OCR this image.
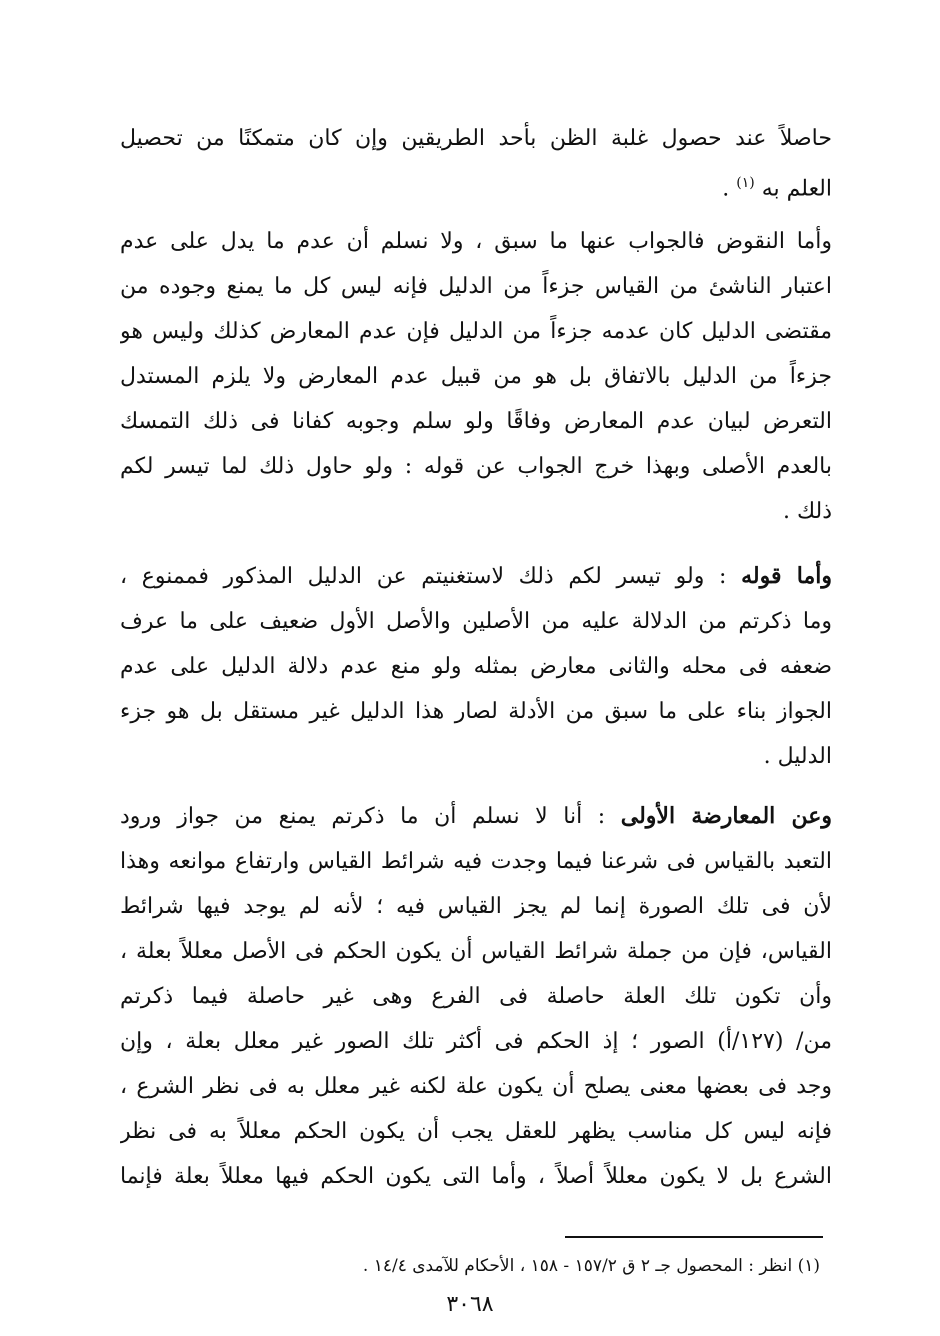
حاصلاً عند حصول غلبة الظن بأحد الطريقين وإن كان متمكنًا من تحصيل
العلم به $^{(١)}$ .
وأما النقوض فالجواب عنها ما سبق ، ولا نسلم أن عدم ما يدل على عدم
اعتبار الناشئ من القياس جزءاً من الدليل فإنه ليس كل ما يمنع وجوده من
مقتضى الدليل كان عدمه جزءاً من الدليل فإن عدم المعارض كذلك وليس هو
جزءاً من الدليل بالاتفاق بل هو من قبيل عدم المعارض ولا يلزم المستدل
التعرض لبيان عدم المعارض وفاقًا ولو سلم وجوبه كفانا فى ذلك التمسك
بالعدم الأصلى وبهذا خرج الجواب عن قوله : ولو حاول ذلك لما تيسر لكم
ذلك .
وأما قوله : ولو تيسر لكم ذلك لاستغنيتم عن الدليل المذكور فممنوع ،
وما ذكرتم من الدلالة عليه من الأصلين والأصل الأول ضعيف على ما عرف
ضعفه فى محله والثانى معارض بمثله ولو منع عدم دلالة الدليل على عدم
الجواز بناء على ما سبق من الأدلة لصار هذا الدليل غير مستقل بل هو جزء
الدليل .
وعن المعارضة الأولى : أنا لا نسلم أن ما ذكرتم يمنع من جواز ورود
التعبد بالقياس فى شرعنا فيما وجدت فيه شرائط القياس وارتفاع موانعه وهذا
لأن فى تلك الصورة إنما لم يجز القياس فيه ؛ لأنه لم يوجد فيها شرائط
القياس، فإن من جملة شرائط القياس أن يكون الحكم فى الأصل معللاً بعلة ،
وأن تكون تلك العلة حاصلة فى الفرع وهى غير حاصلة فيما ذكرتم
من/ (١٢٧/أ) الصور ؛ إذ الحكم فى أكثر تلك الصور غير معلل بعلة ، وإن
وجد فى بعضها معنى يصلح أن يكون علة لكنه غير معلل به فى نظر الشرع ،
فإنه ليس كل مناسب يظهر للعقل يجب أن يكون الحكم معللاً به فى نظر
الشرع بل لا يكون معللاً أصلاً ، وأما التى يكون الحكم فيها معللاً بعلة فإنما
(١) انظر : المحصول جـ ٢ ق ١٥٧/٢ - ١٥٨ ، الأحكام للآمدى ١٤/٤ .
٣٠٦٨
